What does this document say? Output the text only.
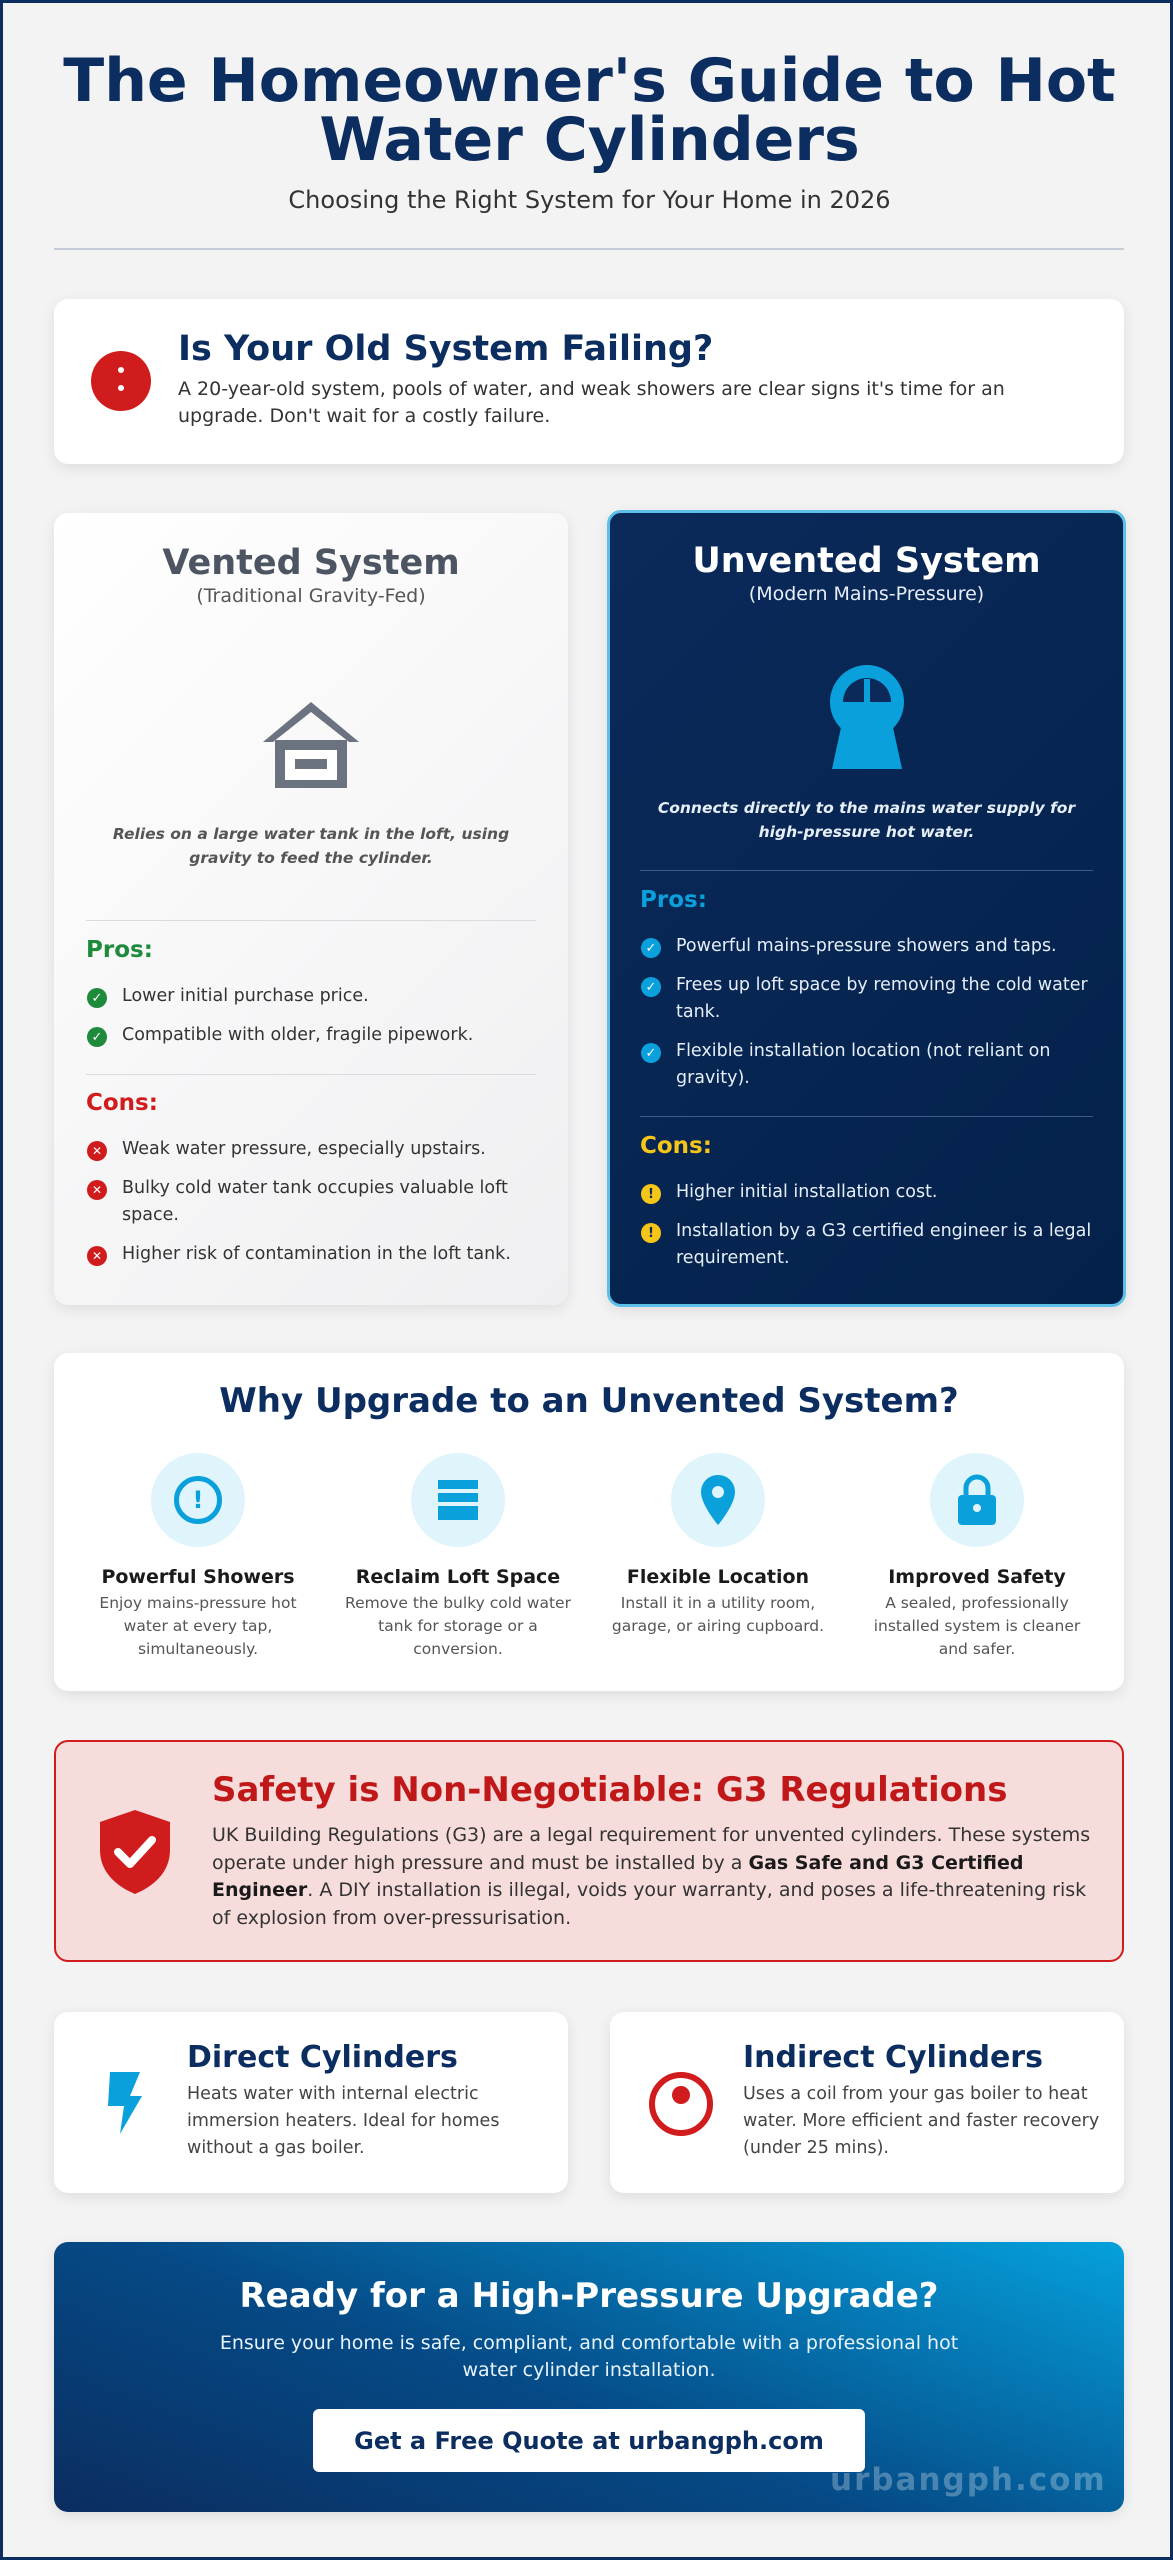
The Homeowner's Guide to Hot
Water Cylinders
Choosing the Right System for Your Home in 2026
Is Your Old System Failing?
A 20-year-old system, pools of water, and weak showers are clear signs it's time for an upgrade. Don't wait for a costly failure.
Vented System
(Traditional Gravity-Fed)
Relies on a large water tank in the loft, using gravity to feed the cylinder.
Pros:
✓ Lower initial purchase price.
✓ Compatible with older, fragile pipework.
Cons:
✕ Weak water pressure, especially upstairs.
✕ Bulky cold water tank occupies valuable loft space.
✕ Higher risk of contamination in the loft tank.
Unvented System
(Modern Mains-Pressure)
Connects directly to the mains water supply for high-pressure hot water.
Pros:
✓ Powerful mains-pressure showers and taps.
✓ Frees up loft space by removing the cold water tank.
✓ Flexible installation location (not reliant on gravity).
Cons:
!	Higher initial installation cost.
!	Installation by a G3 certified engineer is a legal requirement.
Why Upgrade to an Unvented System?
!
Powerful Showers
Enjoy mains-pressure hot water at every tap, simultaneously.
Reclaim Loft Space
Remove the bulky cold water tank for storage or a conversion.
Flexible Location
Install it in a utility room, garage, or airing cupboard.
Improved Safety
A sealed, professionally installed system is cleaner and safer.
Safety is Non-Negotiable: G3 Regulations
UK Building Regulations (G3) are a legal requirement for unvented cylinders. These systems operate under high pressure and must be installed by a Gas Safe and G3 Certified Engineer. A DIY installation is illegal, voids your warranty, and poses a life-threatening risk of explosion from over-pressurisation.
Direct Cylinders
Heats water with internal electric immersion heaters. Ideal for homes without a gas boiler.
Indirect Cylinders
Uses a coil from your gas boiler to heat water. More efficient and faster recovery (under 25 mins).
Ready for a High-Pressure Upgrade?
Ensure your home is safe, compliant, and comfortable with a professional hot water cylinder installation.
Get a Free Quote at urbangph.com
urbangph.com
